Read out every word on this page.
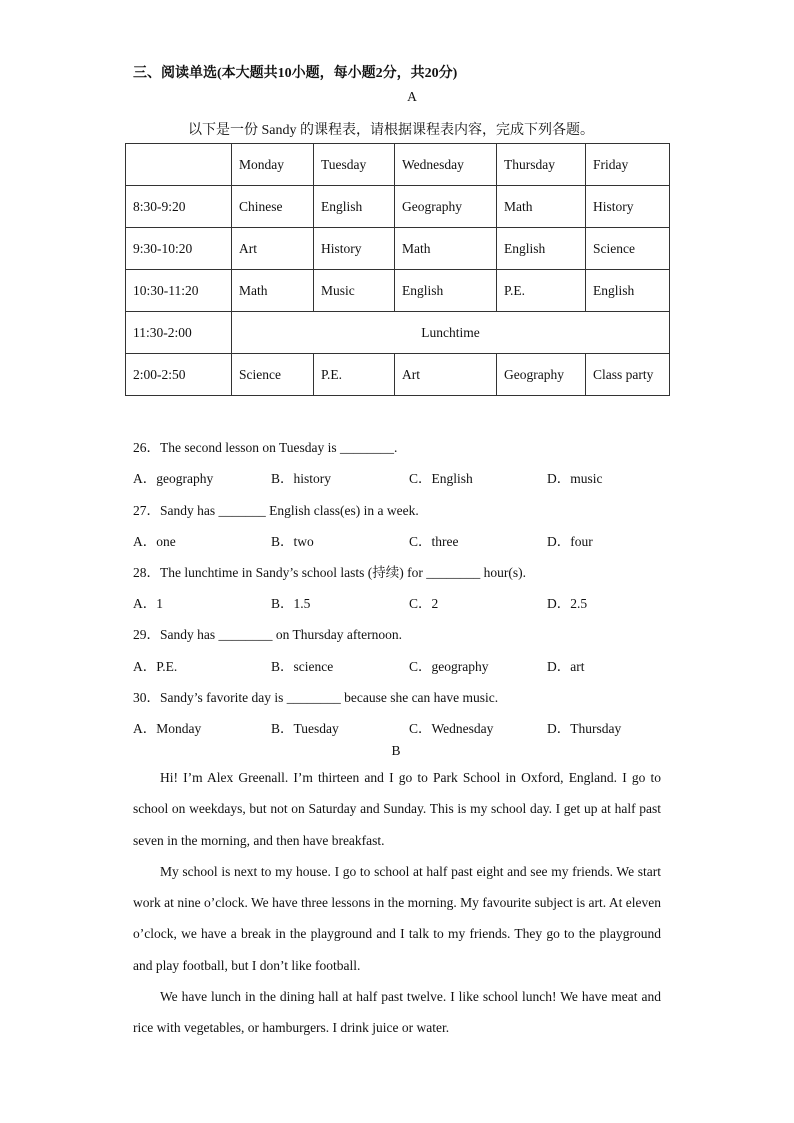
三、阅读单选(本大题共10小题，每小题2分，共20分)
A
以下是一份 Sandy 的课程表，请根据课程表内容，完成下列各题。
	Monday	Tuesday	Wednesday	Thursday	Friday
8:30-9:20	Chinese	English	Geography	Math	History
9:30-10:20	Art	History	Math	English	Science
10:30-11:20	Math	Music	English	P.E.	English
11:30-2:00	Lunchtime				
2:00-2:50	Science	P.E.	Art	Geography	Class party
26．The second lesson on Tuesday is ________.
A．geography	B．history	C．English	D．music
27．Sandy has _______ English class(es) in a week.
A．one	B．two	C．three	D．four
28．The lunchtime in Sandy’s school lasts (持续) for ________ hour(s).
A．1	B．1.5	C．2	D．2.5
29．Sandy has ________ on Thursday afternoon.
A．P.E.	B．science	C．geography	D．art
30．Sandy’s favorite day is ________ because she can have music.
A．Monday	B．Tuesday	C．Wednesday	D．Thursday
B

Hi! I’m Alex Greenall. I’m thirteen and I go to Park School in Oxford, England. I go to school on weekdays, but not on Saturday and Sunday. This is my school day. I get up at half past seven in the morning, and then have breakfast.

My school is next to my house. I go to school at half past eight and see my friends. We start work at nine o’clock. We have three lessons in the morning. My favourite subject is art. At eleven o’clock, we have a break in the playground and I talk to my friends. They go to the playground and play football, but I don’t like football.

We have lunch in the dining hall at half past twelve. I like school lunch! We have meat and rice with vegetables, or hamburgers. I drink juice or water.
